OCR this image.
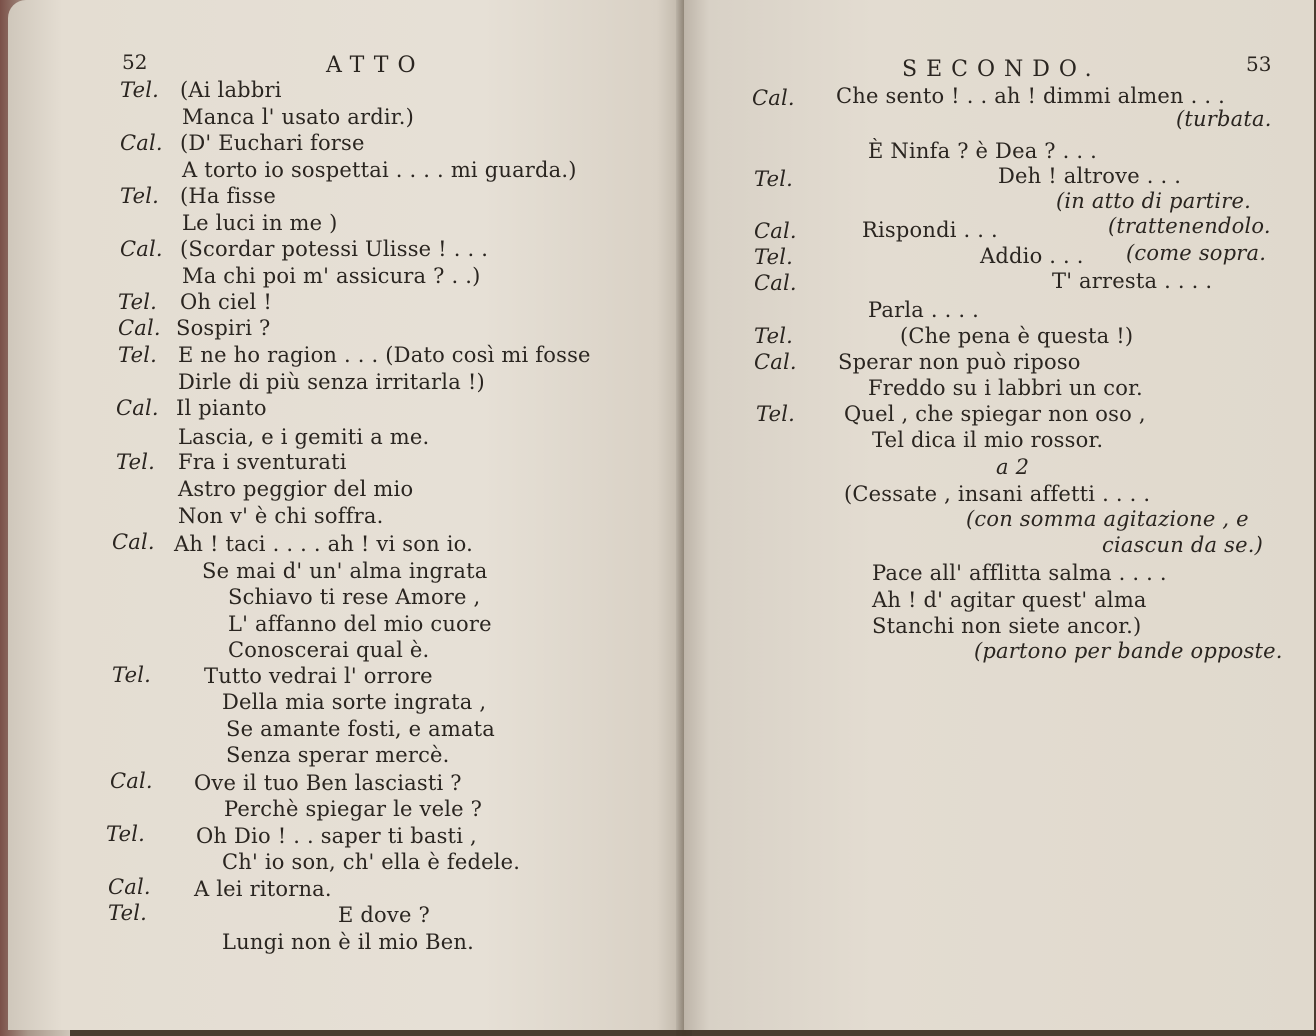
52	ATTO
Tel. (Ai labbri
Manca l' usato ardir.)
Cal. (D' Euchari forse
A torto io sospettai . . . . mi guarda.)
Tel. (Ha fisse
Le luci in me )
Cal. (Scordar potessi Ulisse ! . . .
Ma chi poi m' assicura ? . .)
Tel. Oh ciel !
Cal. Sospiri ?
Tel. E ne ho ragion . . . (Dato così mi fosse
Dirle di più senza irritarla !)
Cal. Il pianto
Lascia, e i gemiti a me.
Tel. Fra i sventurati
Astro peggior del mio
Non v' è chi soffra.
Cal. Ah ! taci . . . . ah ! vi son io.
Se mai d' un' alma ingrata
Schiavo ti rese Amore ,
L' affanno del mio cuore
Conoscerai qual è.
Tel.	Tutto vedrai l' orrore
Della mia sorte ingrata ,
Se amante fosti, e amata
Senza sperar mercè.
Cal. Ove il tuo Ben lasciasti ?
Perchè spiegar le vele ?
Tel. Oh Dio ! . . saper ti basti ,
Ch' io son, ch' ella è fedele.
Cal. A lei ritorna.
Tel.	E dove ?
Lungi non è il mio Ben.
SECONDO.	53
Cal. Che sento ! . . ah ! dimmi almen . . .
(turbata.
È Ninfa ? è Dea ? . . .
Tel.	Deh ! altrove . . .
(in atto di partire.
Cal.	Rispondi . . .	(trattenendolo.
Tel.	Addio . . . (come sopra.
Cal.	T' arresta . . . .
Parla . . . .
Tel.	(Che pena è questa !)
Cal. Sperar non può riposo
Freddo su i labbri un cor.
Tel. Quel , che spiegar non oso ,
Tel dica il mio rossor.
a 2
(Cessate , insani affetti . . . .
(con somma agitazione , e
ciascun da se.)
Pace all' afflitta salma . . . .
Ah ! d' agitar quest' alma
Stanchi non siete ancor.)
(partono per bande opposte.
